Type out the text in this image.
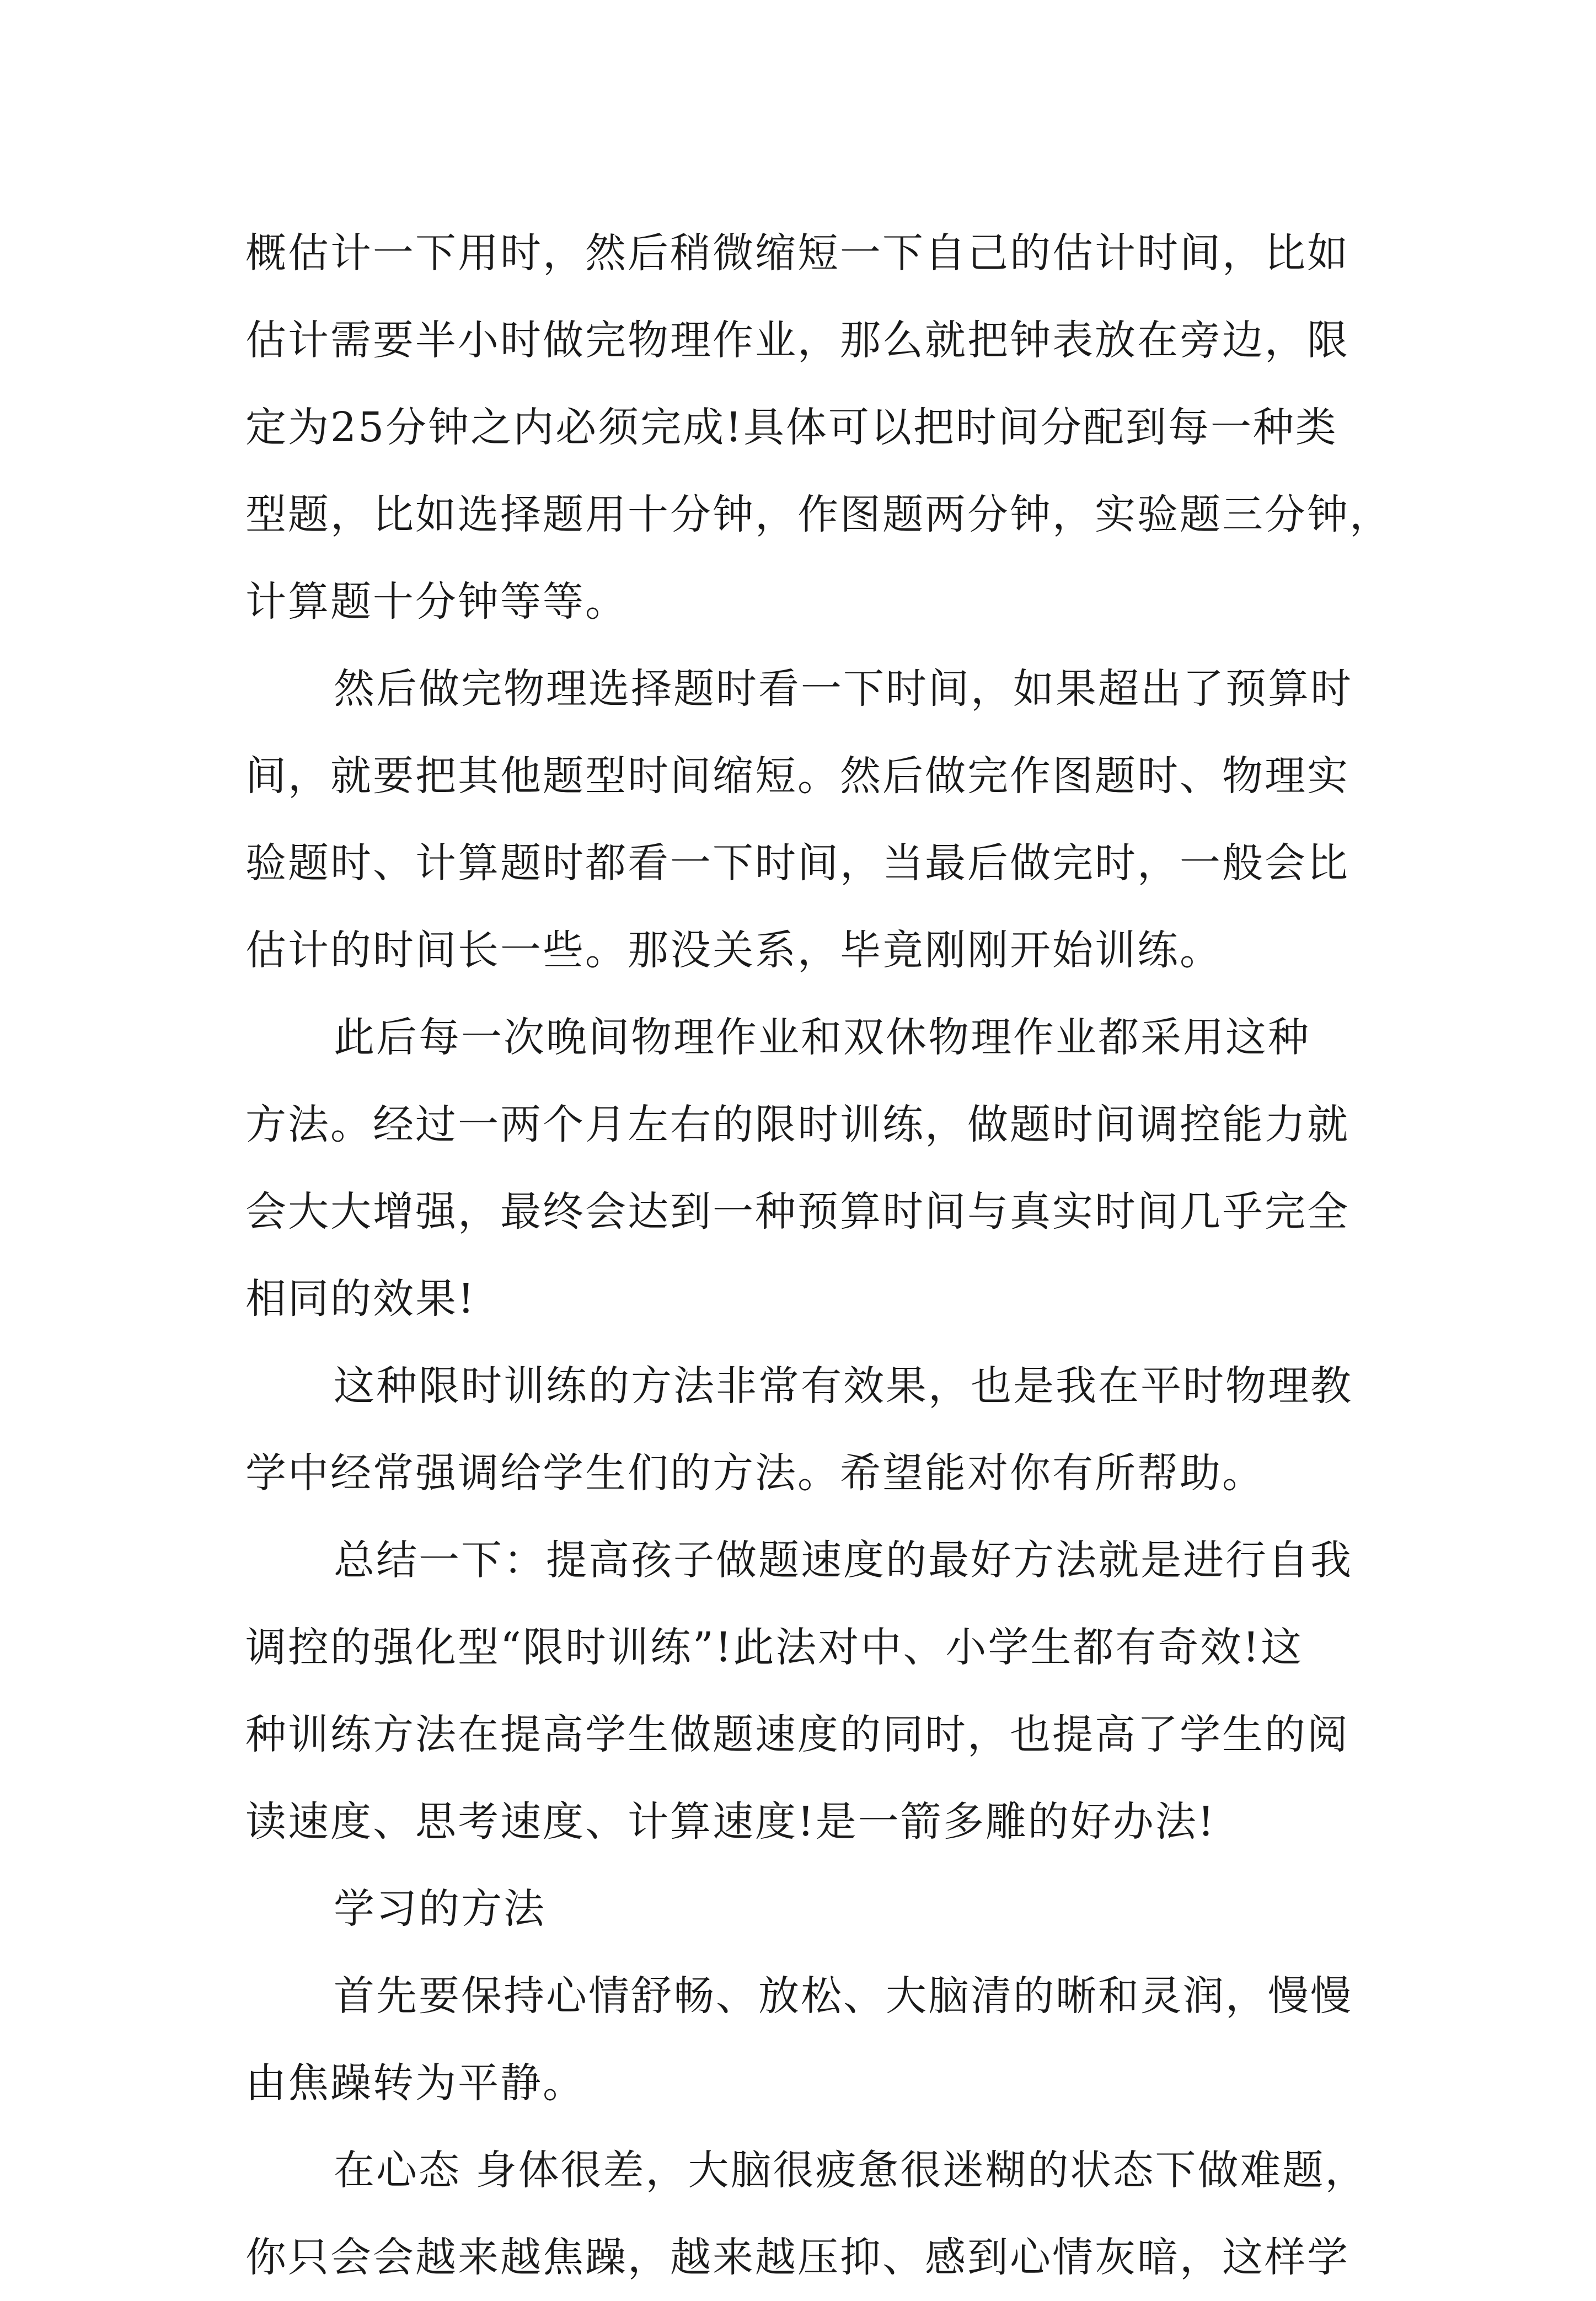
概估计一下用时，然后稍微缩短一下自己的估计时间，比如
估计需要半小时做完物理作业，那么就把钟表放在旁边，限
定为25分钟之内必须完成!具体可以把时间分配到每一种类
型题，比如选择题用十分钟，作图题两分钟，实验题三分钟，
计算题十分钟等等。
然后做完物理选择题时看一下时间，如果超出了预算时
间，就要把其他题型时间缩短。然后做完作图题时、物理实
验题时、计算题时都看一下时间，当最后做完时，一般会比
估计的时间长一些。那没关系，毕竟刚刚开始训练。
此后每一次晚间物理作业和双休物理作业都采用这种
方法。经过一两个月左右的限时训练，做题时间调控能力就
会大大增强，最终会达到一种预算时间与真实时间几乎完全
相同的效果!
这种限时训练的方法非常有效果，也是我在平时物理教
学中经常强调给学生们的方法。希望能对你有所帮助。
总结一下：提高孩子做题速度的最好方法就是进行自我
调控的强化型“限时训练”!此法对中、小学生都有奇效!这
种训练方法在提高学生做题速度的同时，也提高了学生的阅
读速度、思考速度、计算速度!是一箭多雕的好办法!
学习的方法
首先要保持心情舒畅、放松、大脑清的晰和灵润，慢慢
由焦躁转为平静。
在心态 身体很差，大脑很疲惫很迷糊的状态下做难题，
你只会会越来越焦躁，越来越压抑、感到心情灰暗，这样学
